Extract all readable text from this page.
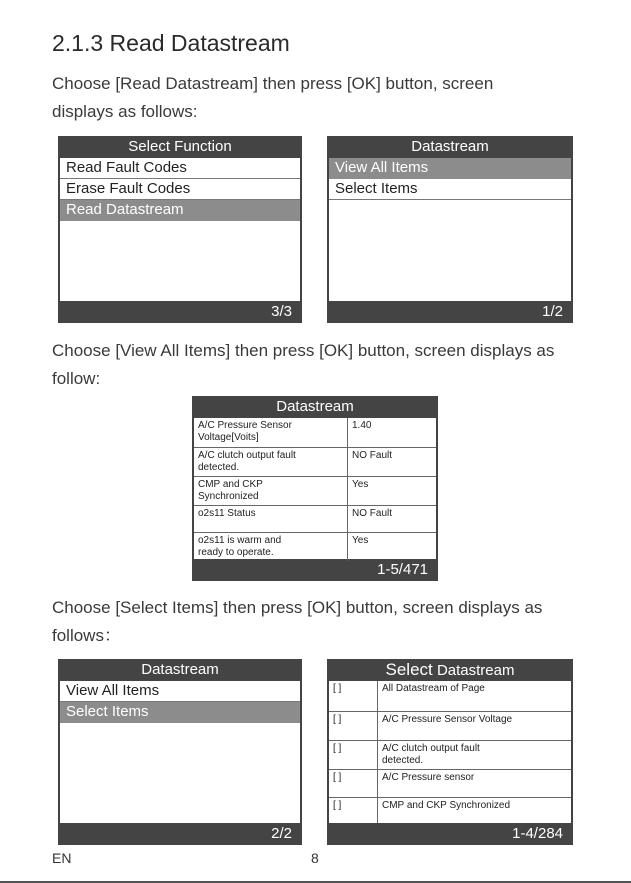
2.1.3 Read Datastream
Choose [Read Datastream] then press [OK] button, screen
displays as follows:
Select Function
Read Fault Codes
Erase Fault Codes
Read Datastream
3/3
Datastream
View All Items
Select Items
1/2
Choose [View All Items] then press [OK] button, screen displays as
follow:
Datastream
A/C Pressure Sensor
Voltage[Voits]	1.40
A/C clutch output fault
detected.	NO Fault
CMP and CKP
Synchronized	Yes
o2s11 Status	NO Fault
o2s11 is warm and
ready to operate.	Yes
1-5/471
Choose [Select Items] then press [OK] button, screen displays as
follows：
Datastream
View All Items
Select Items
2/2
Select Datastream
[ ]	All Datastream of Page

[ ]	A/C Pressure Sensor Voltage

[ ]	A/C clutch output fault
detected.
[ ]	A/C Pressure sensor

[ ]	CMP and CKP Synchronized

1-4/284
EN	8
